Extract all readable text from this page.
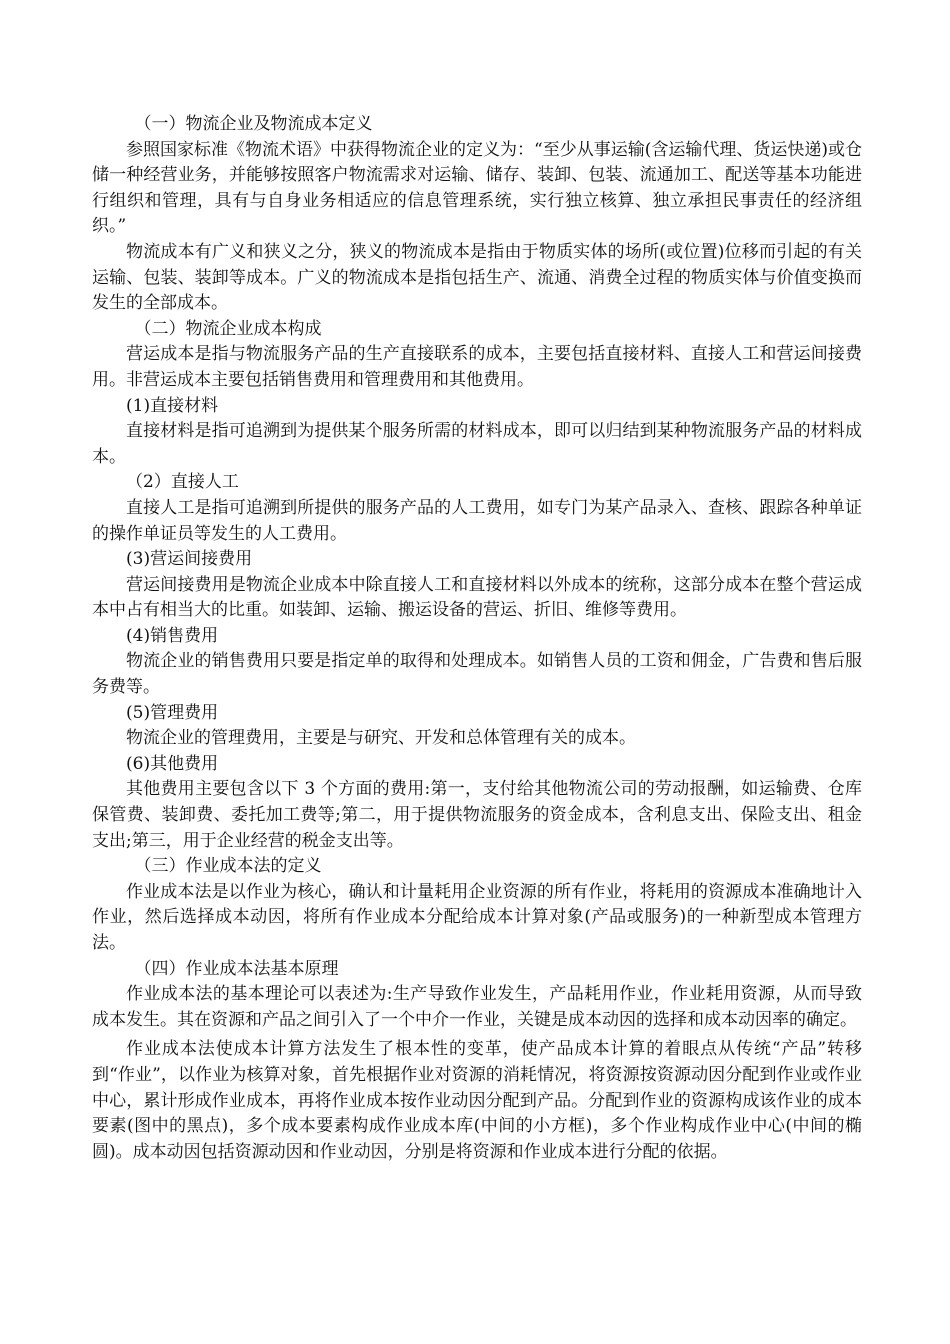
（一）物流企业及物流成本定义

参照国家标准《物流术语》中获得物流企业的定义为：“至少从事运输(含运输代理、货运快递)或仓储一种经营业务，并能够按照客户物流需求对运输、储存、装卸、包装、流通加工、配送等基本功能进行组织和管理，具有与自身业务相适应的信息管理系统，实行独立核算、独立承担民事责任的经济组织。”

物流成本有广义和狭义之分，狭义的物流成本是指由于物质实体的场所(或位置)位移而引起的有关运输、包装、装卸等成本。广义的物流成本是指包括生产、流通、消费全过程的物质实体与价值变换而发生的全部成本。

（二）物流企业成本构成

营运成本是指与物流服务产品的生产直接联系的成本，主要包括直接材料、直接人工和营运间接费用。非营运成本主要包括销售费用和管理费用和其他费用。

(1)直接材料

直接材料是指可追溯到为提供某个服务所需的材料成本，即可以归结到某种物流服务产品的材料成本。

（2）直接人工

直接人工是指可追溯到所提供的服务产品的人工费用，如专门为某产品录入、查核、跟踪各种单证的操作单证员等发生的人工费用。

(3)营运间接费用

营运间接费用是物流企业成本中除直接人工和直接材料以外成本的统称，这部分成本在整个营运成本中占有相当大的比重。如装卸、运输、搬运设备的营运、折旧、维修等费用。

(4)销售费用

物流企业的销售费用只要是指定单的取得和处理成本。如销售人员的工资和佣金，广告费和售后服务费等。

(5)管理费用

物流企业的管理费用，主要是与研究、开发和总体管理有关的成本。

(6)其他费用

其他费用主要包含以下 3 个方面的费用:第一，支付给其他物流公司的劳动报酬，如运输费、仓库保管费、装卸费、委托加工费等;第二，用于提供物流服务的资金成本，含利息支出、保险支出、租金支出;第三，用于企业经营的税金支出等。

（三）作业成本法的定义

作业成本法是以作业为核心，确认和计量耗用企业资源的所有作业，将耗用的资源成本准确地计入作业，然后选择成本动因，将所有作业成本分配给成本计算对象(产品或服务)的一种新型成本管理方法。

（四）作业成本法基本原理

作业成本法的基本理论可以表述为:生产导致作业发生，产品耗用作业，作业耗用资源，从而导致成本发生。其在资源和产品之间引入了一个中介一作业，关键是成本动因的选择和成本动因率的确定。

作业成本法使成本计算方法发生了根本性的变革，使产品成本计算的着眼点从传统“产品”转移到“作业”，以作业为核算对象，首先根据作业对资源的消耗情况，将资源按资源动因分配到作业或作业中心，累计形成作业成本，再将作业成本按作业动因分配到产品。分配到作业的资源构成该作业的成本要素(图中的黑点)，多个成本要素构成作业成本库(中间的小方框)，多个作业构成作业中心(中间的椭圆)。成本动因包括资源动因和作业动因，分别是将资源和作业成本进行分配的依据。
